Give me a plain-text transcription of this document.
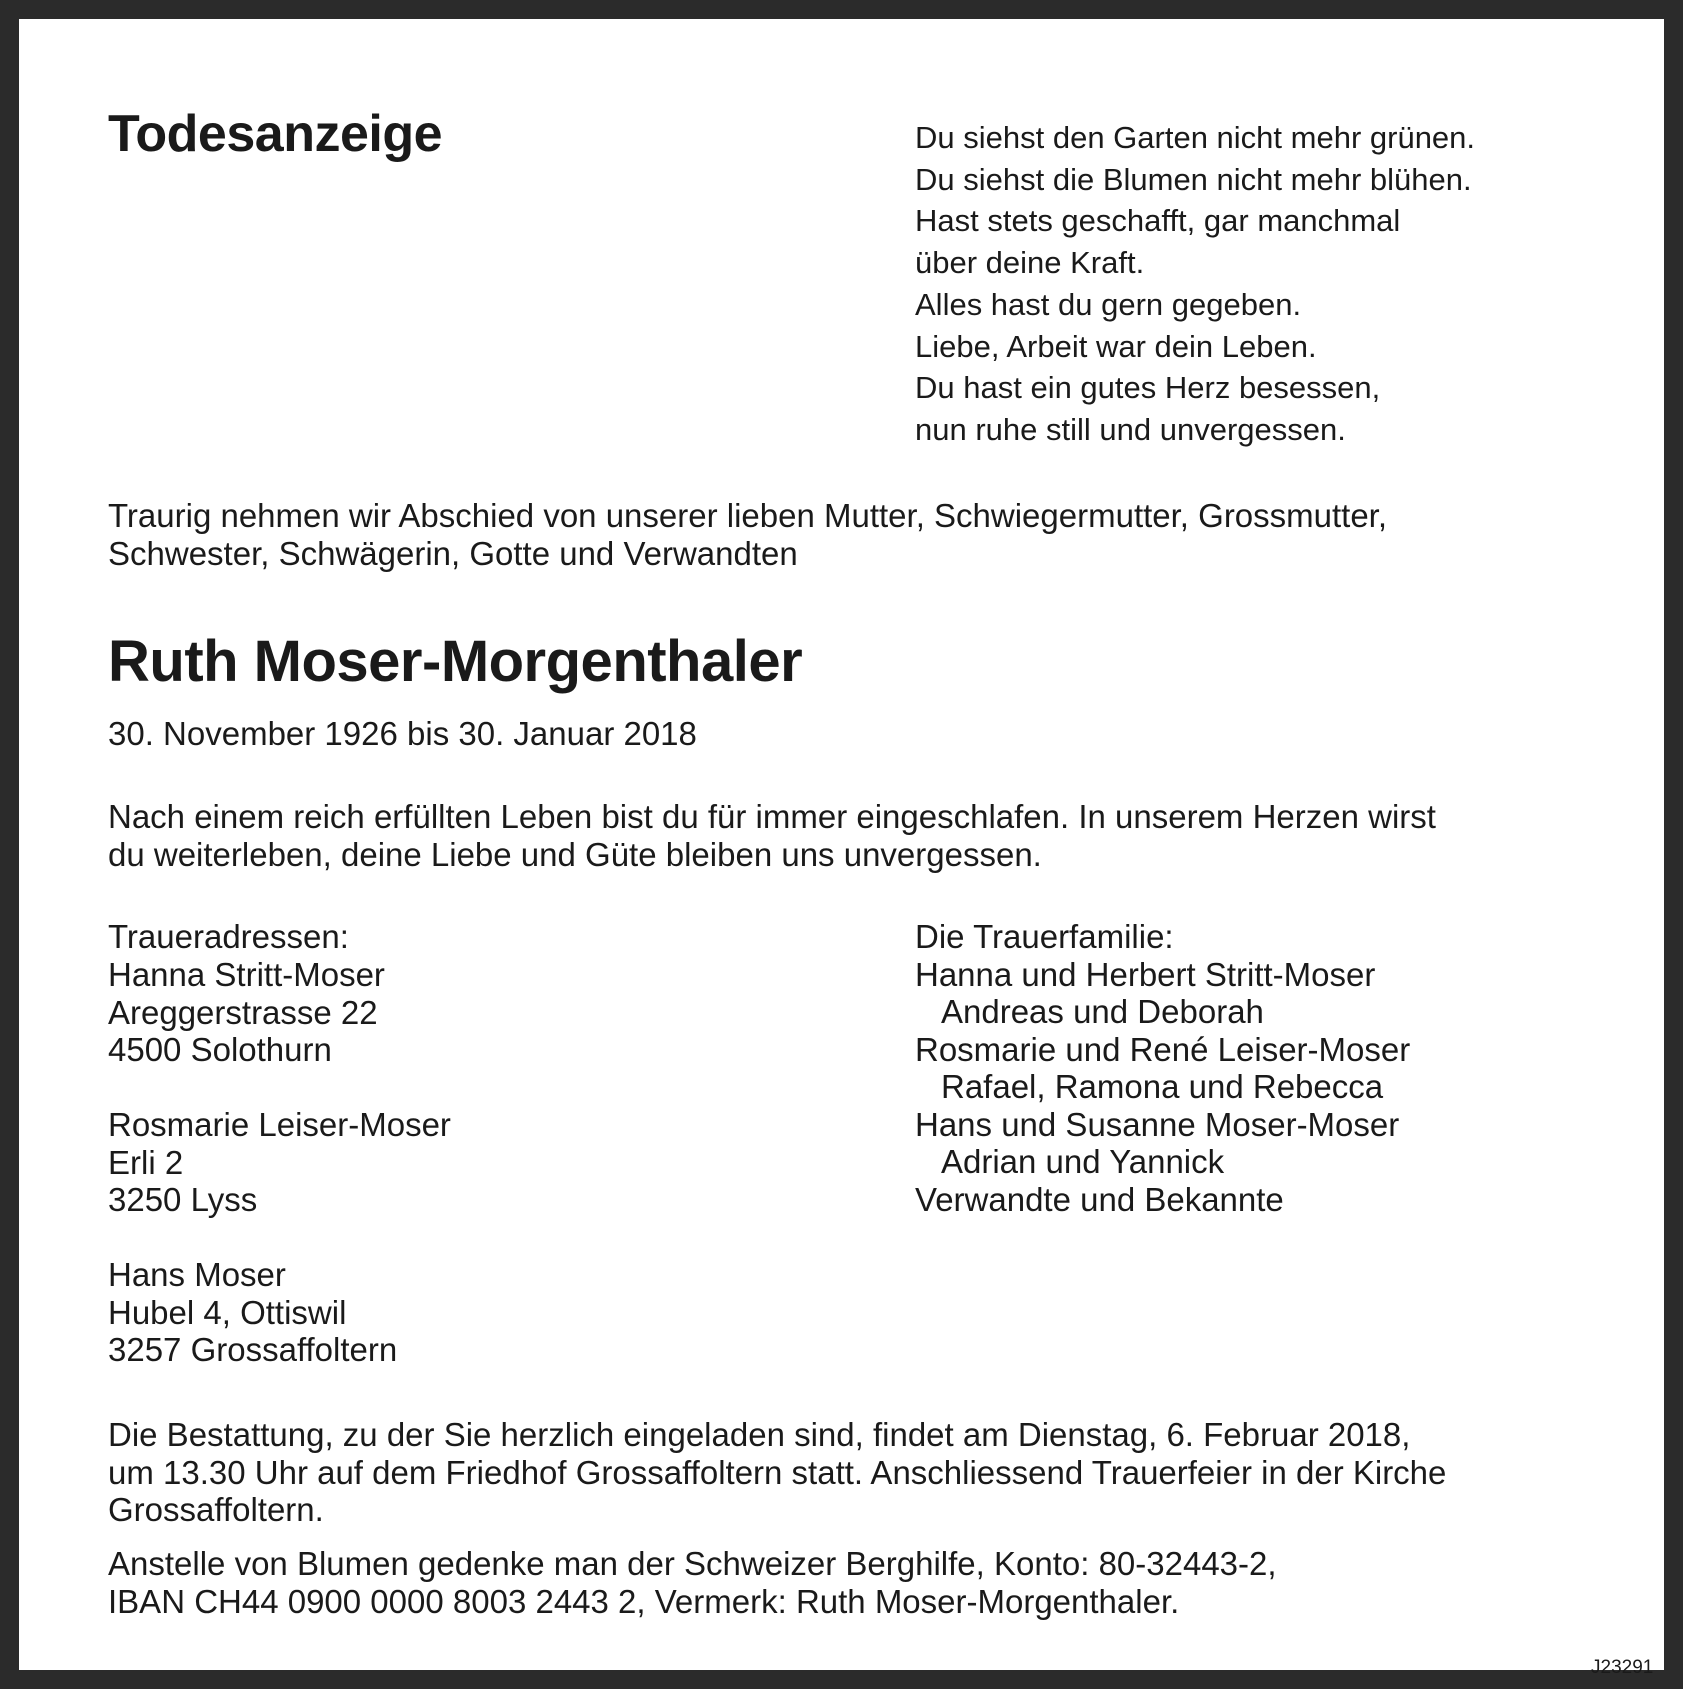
Todesanzeige	Du siehst den Garten nicht mehr grünen.
Du siehst die Blumen nicht mehr blühen.
Hast stets geschafft, gar manchmal
über deine Kraft.
Alles hast du gern gegeben.
Liebe, Arbeit war dein Leben.
Du hast ein gutes Herz besessen,
nun ruhe still und unvergessen.

Traurig nehmen wir Abschied von unserer lieben Mutter, Schwiegermutter, Grossmutter,
Schwester, Schwägerin, Gotte und Verwandten

Ruth Moser-Morgenthaler

30. November 1926 bis 30. Januar 2018

Nach einem reich erfüllten Leben bist du für immer eingeschlafen. In unserem Herzen wirst
du weiterleben, deine Liebe und Güte bleiben uns unvergessen.

Traueradressen:

Hanna Stritt-Moser
Areggerstrasse 22
4500 Solothurn

Rosmarie Leiser-Moser
Erli 2
3250 Lyss

Hans Moser
Hubel 4, Ottiswil
3257 Grossaffoltern

Die Trauerfamilie:
Hanna und Herbert Stritt-Moser
Andreas und Deborah
Rosmarie und René Leiser-Moser
Rafael, Ramona und Rebecca
Hans und Susanne Moser-Moser
Adrian und Yannick
Verwandte und Bekannte

Die Bestattung, zu der Sie herzlich eingeladen sind, findet am Dienstag, 6. Februar 2018,
um 13.30 Uhr auf dem Friedhof Grossaffoltern statt. Anschliessend Trauerfeier in der Kirche
Grossaffoltern.

Anstelle von Blumen gedenke man der Schweizer Berghilfe, Konto: 80-32443-2,
IBAN CH44 0900 0000 8003 2443 2, Vermerk: Ruth Moser-Morgenthaler.

J23291
